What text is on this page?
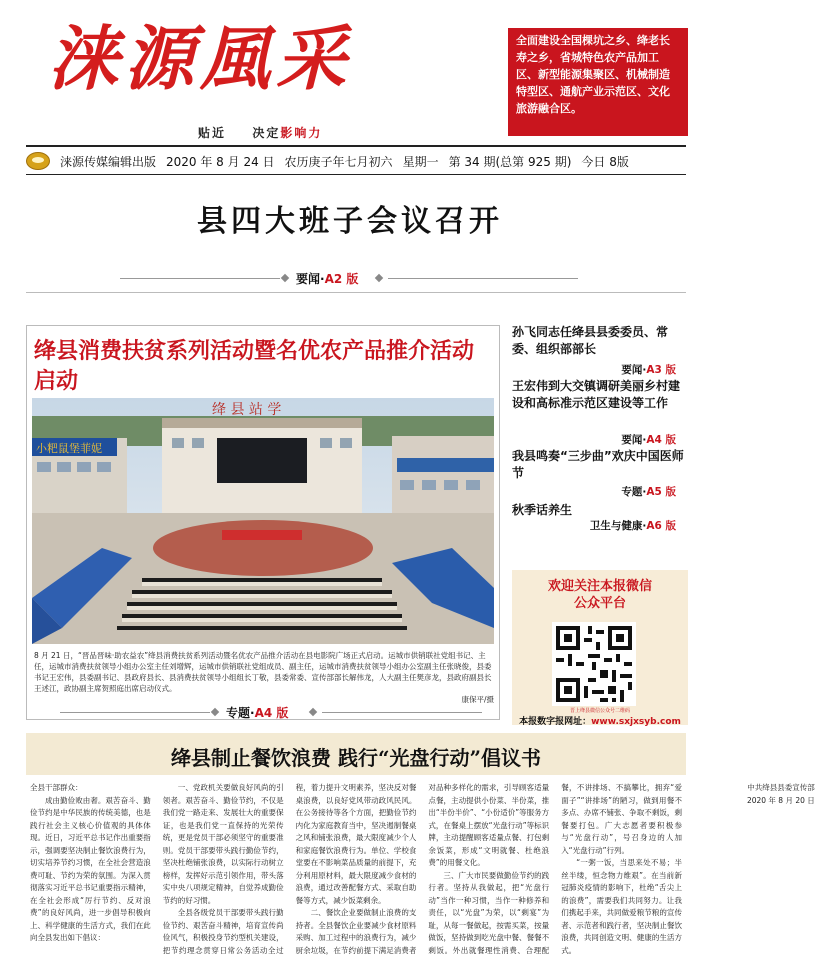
涞源風采
贴近 决定影响力
全面建设全国棵坑之乡、绛老长寿之乡，省城特色农产品加工区、新型能源集聚区、机械制造特型区、通航产业示范区、文化旅游融合区。
涞源传媒编辑出版 2020 年 8 月 24 日 农历庚子年七月初六 星期一 第 34 期(总第 925 期) 今日 8版
县四大班子会议召开
要闻·A2 版
绛县消费扶贫系列活动暨名优农产品推介活动启动
小粑鼠堡菲妮
绛 县 站 学
8 月 21 日，“晋品晋味·助农益农”绛县消费扶贫系列活动暨名优农产品推介活动在县电影院广场正式启动。运城市供销联社党组书记、主任，运城市消费扶贫领导小组办公室主任刘增辉，运城市供销联社党组成员、副主任，运城市消费扶贫领导小组办公室副主任张晓俊，县委书记王宏伟，县委副书记、县政府县长、县消费扶贫领导小组组长丁敬，县委常委、宣传部部长解伟龙，人大副主任樊彦龙，县政府副县长王述江，政协副主席贺照庭出席启动仪式。
康保平/摄
专题·A4 版
孙飞同志任绛县县委委员、常委、组织部部长
要闻·A3 版
王宏伟到大交镇调研美丽乡村建设和高标准示范区建设等工作
要闻·A4 版
我县鸣奏“三步曲”欢庆中国医师节
专题·A5 版
秋季话养生
卫生与健康·A6 版
欢迎关注本报微信公众平台
晋上绛县微信公众号二维码
本报数字报网址：www.sxjxsyb.com
绛县制止餐饮浪费 践行“光盘行动”倡议书

全县干部群众：

成由勤俭败由奢。艰苦奋斗、勤俭节约是中华民族的传统美德，也是践行社会主义核心价值观的具体体现。近日，习近平总书记作出重要指示，强调要坚决制止餐饮浪费行为，切实培养节约习惯，在全社会营造浪费可耻、节约为荣的氛围。为深入贯彻落实习近平总书记重要指示精神，在全社会形成“厉行节约、反对浪费”的良好风尚，进一步倡导积极向上、科学健康的生活方式，我们在此向全县发出如下倡议：

一、党政机关要做良好风尚的引领者。艰苦奋斗、勤俭节约，不仅是我们党一路走来、发展壮大的重要保证，也是我们党一直保持的光荣传统，更是党员干部必须坚守的重要准则。党员干部要带头践行勤俭节约，坚决杜绝铺张浪费，以实际行动树立榜样，发挥好示范引领作用，带头落实中央八项规定精神，自觉养成勤俭节约的好习惯。

全县各级党员干部要带头践行勤俭节约、艰苦奋斗精神，培育宣传尚俭风气，积极投身节约型机关建设，把节约理念贯穿日常公务活动全过程，着力提升文明素养，坚决反对餐桌浪费，以良好党风带动政风民风。在公务接待等各个方面，把勤俭节约内化为家庭教育当中，坚决遏制餐桌之风和铺张浪费，最大限度减少个人和家庭餐饮浪费行为。单位、学校食堂要在不影响菜品质量的前提下，充分利用原材料，最大限度减少食材的浪费，通过改善配餐方式、采取自助餐等方式，减少饭菜剩余。

二、餐饮企业要做制止浪费的支持者。全县餐饮企业要减少食材原料采购、加工过程中的浪费行为，减少厨余垃圾，在节约前提下满足消费者对品种多样化的需求，引导顾客适量点餐，主动提供小份菜、半份菜，推出“半份半价”、“小份适价”等服务方式，在餐桌上摆放“光盘行动”等标识牌，主动提醒顾客适量点餐、打包剩余饭菜，形成“文明就餐、杜绝浪费”的用餐文化。

三、广大市民要做勤俭节约的践行者。坚持从我做起，把“光盘行动”当作一种习惯，当作一种修养和责任，以“光盘”为荣，以“剩宴”为耻，从每一餐做起，按需买菜，按量做饭，坚持做到吃光盘中餐、餐餐不剩饭。外出就餐理性消费、合理配餐，不讲排场、不搞攀比，拥弃“爱面子”“讲排场”的陋习，做到用餐不多点、办席不铺张、争取不剩饭，剩餐要打包。广大志愿者要积极参与“光盘行动”，号召身边的人加入“光盘行动”行列。

“一粥一饭，当思来处不易；半丝半缕，恒念物力维艰”。在当前新冠肺炎疫情的影响下，杜绝“舌尖上的浪费”，需要我们共同努力。让我们携起手来，共同做爱粮节粮的宣传者、示范者和践行者，坚决制止餐饮浪费，共同创造文明、健康的生活方式。

中共绛县县委宣传部
2020 年 8 月 20 日
